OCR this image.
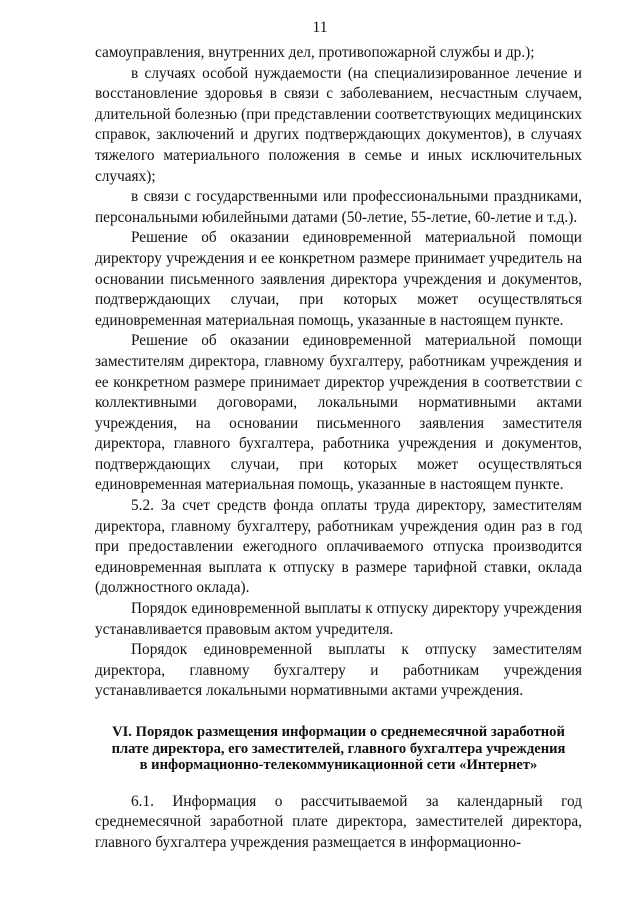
11

самоуправления, внутренних дел, противопожарной службы и др.);

в случаях особой нуждаемости (на специализированное лечение и восстановление здоровья в связи с заболеванием, несчастным случаем, длительной болезнью (при представлении соответствующих медицинских справок, заключений и других подтверждающих документов), в случаях тяжелого материального положения в семье и иных исключительных случаях);

в связи с государственными или профессиональными праздниками, персональными юбилейными датами (50-летие, 55-летие, 60-летие и т.д.).

Решение об оказании единовременной материальной помощи директору учреждения и ее конкретном размере принимает учредитель на основании письменного заявления директора учреждения и документов, подтверждающих случаи, при которых может осуществляться единовременная материальная помощь, указанные в настоящем пункте.

Решение об оказании единовременной материальной помощи заместителям директора, главному бухгалтеру, работникам учреждения и ее конкретном размере принимает директор учреждения в соответствии с коллективными договорами, локальными нормативными актами учреждения, на основании письменного заявления заместителя директора, главного бухгалтера, работника учреждения и документов, подтверждающих случаи, при которых может осуществляться единовременная материальная помощь, указанные в настоящем пункте.

5.2. За счет средств фонда оплаты труда директору, заместителям директора, главному бухгалтеру, работникам учреждения один раз в год при предоставлении ежегодного оплачиваемого отпуска производится единовременная выплата к отпуску в размере тарифной ставки, оклада (должностного оклада).

Порядок единовременной выплаты к отпуску директору учреждения устанавливается правовым актом учредителя.

Порядок единовременной выплаты к отпуску заместителям директора, главному бухгалтеру и работникам учреждения устанавливается локальными нормативными актами учреждения.

VI. Порядок размещения информации о среднемесячной заработной
плате директора, его заместителей, главного бухгалтера учреждения
в информационно-телекоммуникационной сети «Интернет»

6.1. Информация о рассчитываемой за календарный год среднемесячной заработной плате директора, заместителей директора, главного бухгалтера учреждения размещается в информационно-
